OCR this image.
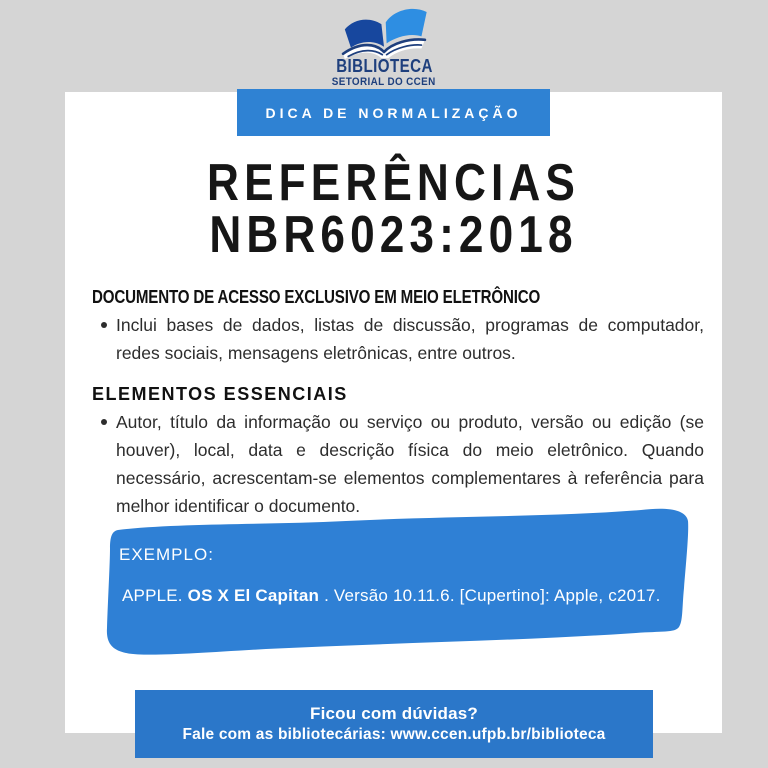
BIBLIOTECA
SETORIAL DO CCEN
DICA DE NORMALIZAÇÃO
REFERÊNCIAS
NBR6023:2018
DOCUMENTO DE ACESSO EXCLUSIVO EM MEIO ELETRÔNICO
Inclui bases de dados, listas de discussão, programas de computador, redes sociais, mensagens eletrônicas, entre outros.
ELEMENTOS ESSENCIAIS
Autor, título da informação ou serviço ou produto, versão ou edição (se houver), local, data e descrição física do meio eletrônico. Quando necessário, acrescentam-se elementos complementares à referência para melhor identificar o documento.
EXEMPLO:
APPLE. OS X El Capitan . Versão 10.11.6. [Cupertino]: Apple, c2017.
Ficou com dúvidas?
Fale com as bibliotecárias: www.ccen.ufpb.br/biblioteca
